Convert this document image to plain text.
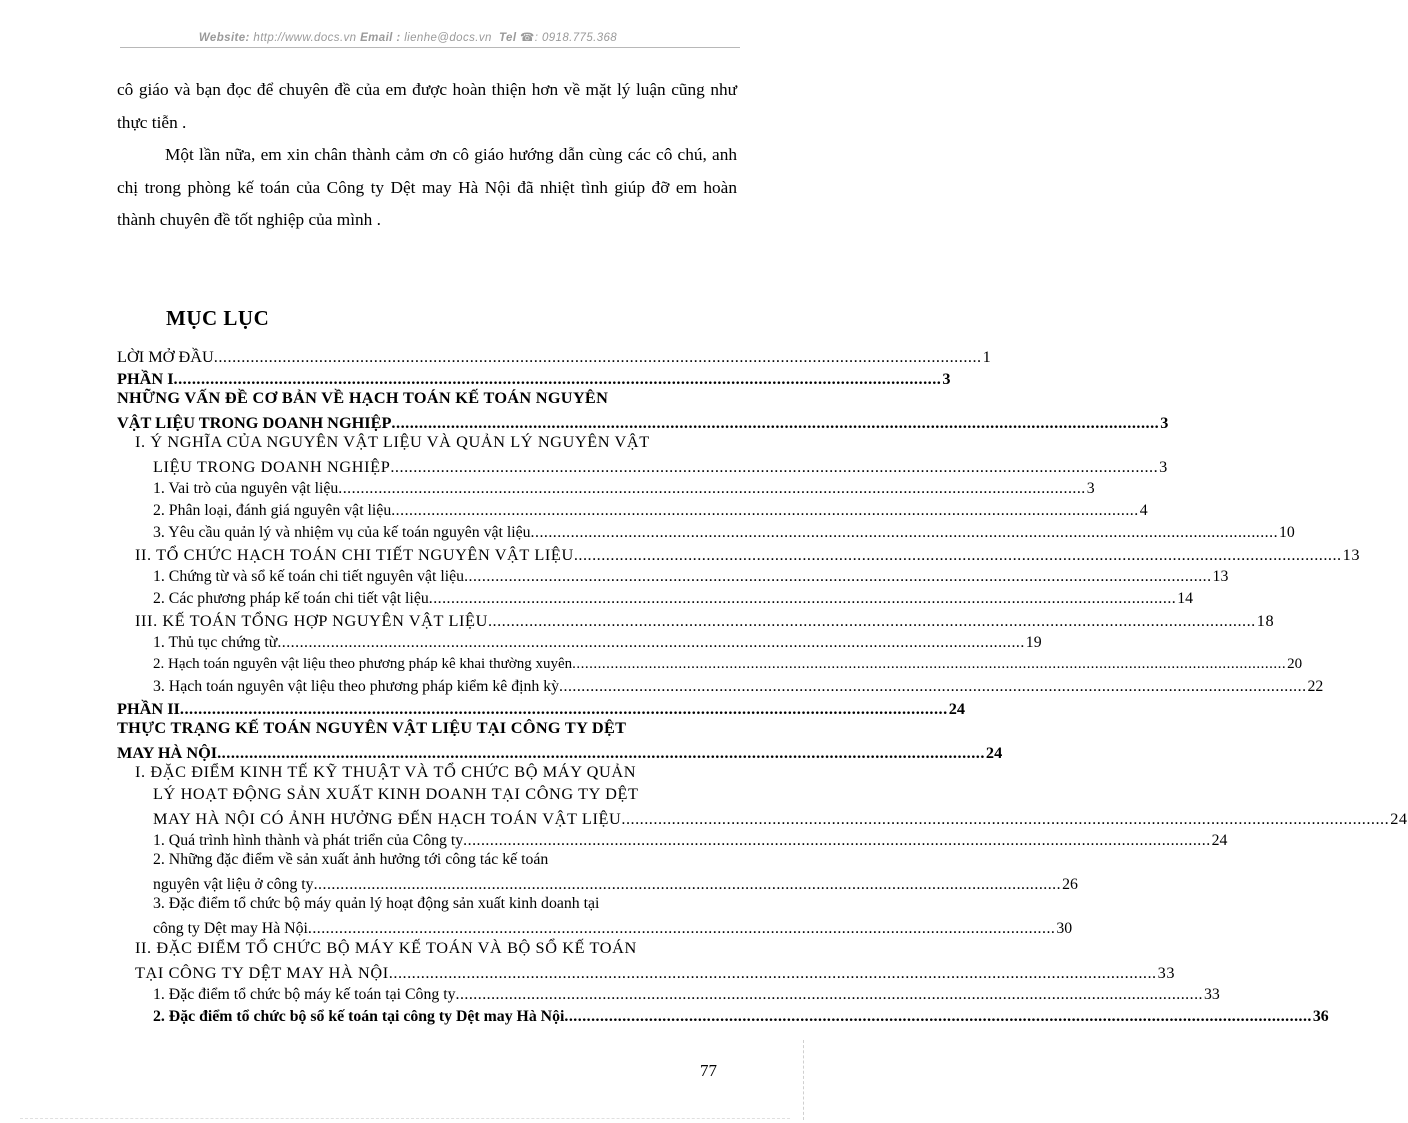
Website: http://www.docs.vn Email : lienhe@docs.vn Tel ☎: 0918.775.368

cô giáo và bạn đọc để chuyên đề của em được hoàn thiện hơn về mặt lý luận cũng như thực tiễn .

Một lần nữa, em xin chân thành cảm ơn cô giáo hướng dẫn cùng các cô chú, anh chị trong phòng kế toán của Công ty Dệt may Hà Nội đã nhiệt tình giúp đỡ em hoàn thành chuyên đề tốt nghiệp của mình .

MỤC LỤC
LỜI MỞ ĐẦU ........................................................................................................................................................................ 1
PHẦN I ........................................................................................................................................................................ 3
NHỮNG VẤN ĐỀ CƠ BẢN VỀ HẠCH TOÁN KẾ TOÁN NGUYÊN
VẬT LIỆU TRONG DOANH NGHIỆP ........................................................................................................................................................................ 3
I. Ý NGHĨA CỦA NGUYÊN VẬT LIỆU VÀ QUẢN LÝ NGUYÊN VẬT
LIỆU TRONG DOANH NGHIỆP ........................................................................................................................................................................ 3
1. Vai trò của nguyên vật liệu ........................................................................................................................................................................ 3
2. Phân loại, đánh giá nguyên vật liệu ........................................................................................................................................................................ 4
3. Yêu cầu quản lý và nhiệm vụ của kế toán nguyên vật liệu ........................................................................................................................................................................ 10
II. TỔ CHỨC HẠCH TOÁN CHI TIẾT NGUYÊN VẬT LIỆU ........................................................................................................................................................................ 13
1. Chứng từ và sổ kế toán chi tiết nguyên vật liệu ........................................................................................................................................................................ 13
2. Các phương pháp kế toán chi tiết vật liệu ........................................................................................................................................................................ 14
III. KẾ TOÁN TỔNG HỢP NGUYÊN VẬT LIỆU ........................................................................................................................................................................ 18
1. Thủ tục chứng từ ........................................................................................................................................................................ 19
2. Hạch toán nguyên vật liệu theo phương pháp kê khai thường xuyên ........................................................................................................................................................................ 20
3. Hạch toán nguyên vật liệu theo phương pháp kiểm kê định kỳ ........................................................................................................................................................................ 22
PHẦN II ........................................................................................................................................................................ 24
THỰC TRẠNG KẾ TOÁN NGUYÊN VẬT LIỆU TẠI CÔNG TY DỆT
MAY HÀ NỘI ........................................................................................................................................................................ 24
I. ĐẶC ĐIỂM KINH TẾ KỸ THUẬT VÀ TỔ CHỨC BỘ MÁY QUẢN
LÝ HOẠT ĐỘNG SẢN XUẤT KINH DOANH TẠI CÔNG TY DỆT
MAY HÀ NỘI CÓ ẢNH HƯỞNG ĐẾN HẠCH TOÁN VẬT LIỆU ........................................................................................................................................................................ 24
1. Quá trình hình thành và phát triển của Công ty ........................................................................................................................................................................ 24
2. Những đặc điểm về sản xuất ảnh hưởng tới công tác kế toán
nguyên vật liệu ở công ty ........................................................................................................................................................................ 26
3. Đặc điểm tổ chức bộ máy quản lý hoạt động sản xuất kinh doanh tại
công ty Dệt may Hà Nội ........................................................................................................................................................................ 30
II. ĐẶC ĐIỂM TỔ CHỨC BỘ MÁY KẾ TOÁN VÀ BỘ SỔ KẾ TOÁN
TẠI CÔNG TY DỆT MAY HÀ NỘI ........................................................................................................................................................................ 33
1. Đặc điểm tổ chức bộ máy kế toán tại Công ty ........................................................................................................................................................................ 33
2. Đặc điểm tổ chức bộ sổ kế toán tại công ty Dệt may Hà Nội ........................................................................................................................................................................ 36
77
